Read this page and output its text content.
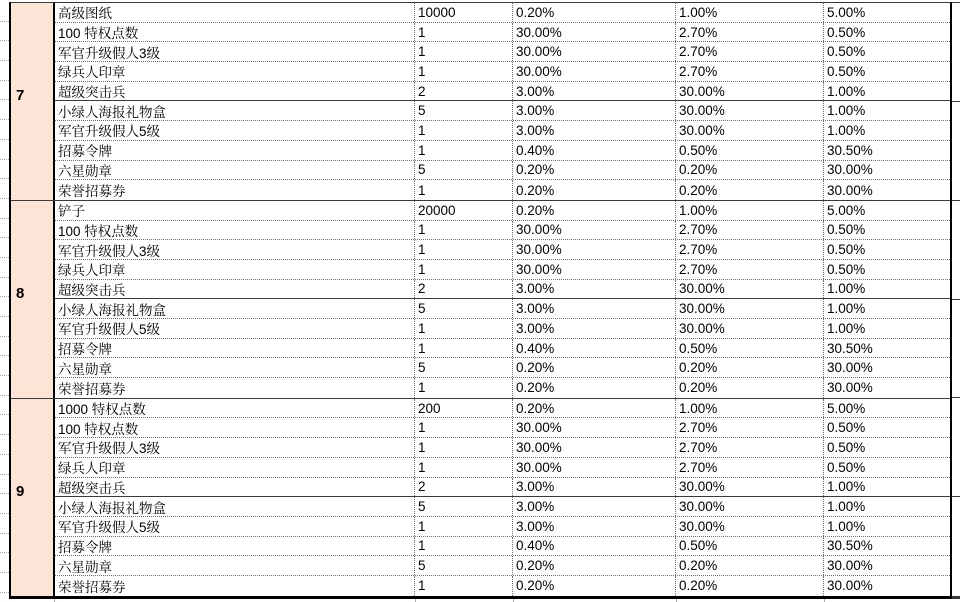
7
高级图纸	10000	0.20%	1.00%	5.00%
100 特权点数	1	30.00%	2.70%	0.50%
军官升级假人3级	1	30.00%	2.70%	0.50%
绿兵人印章	1	30.00%	2.70%	0.50%
超级突击兵	2	3.00%	30.00%	1.00%
小绿人海报礼物盒	5	3.00%	30.00%	1.00%
军官升级假人5级	1	3.00%	30.00%	1.00%
招募令牌	1	0.40%	0.50%	30.50%
六星勋章	5	0.20%	0.20%	30.00%
荣誉招募券	1	0.20%	0.20%	30.00%
8
铲子	20000	0.20%	1.00%	5.00%
100 特权点数	1	30.00%	2.70%	0.50%
军官升级假人3级	1	30.00%	2.70%	0.50%
绿兵人印章	1	30.00%	2.70%	0.50%
超级突击兵	2	3.00%	30.00%	1.00%
小绿人海报礼物盒	5	3.00%	30.00%	1.00%
军官升级假人5级	1	3.00%	30.00%	1.00%
招募令牌	1	0.40%	0.50%	30.50%
六星勋章	5	0.20%	0.20%	30.00%
荣誉招募券	1	0.20%	0.20%	30.00%
9
1000 特权点数	200	0.20%	1.00%	5.00%
100 特权点数	1	30.00%	2.70%	0.50%
军官升级假人3级	1	30.00%	2.70%	0.50%
绿兵人印章	1	30.00%	2.70%	0.50%
超级突击兵	2	3.00%	30.00%	1.00%
小绿人海报礼物盒	5	3.00%	30.00%	1.00%
军官升级假人5级	1	3.00%	30.00%	1.00%
招募令牌	1	0.40%	0.50%	30.50%
六星勋章	5	0.20%	0.20%	30.00%
荣誉招募券	1	0.20%	0.20%	30.00%
